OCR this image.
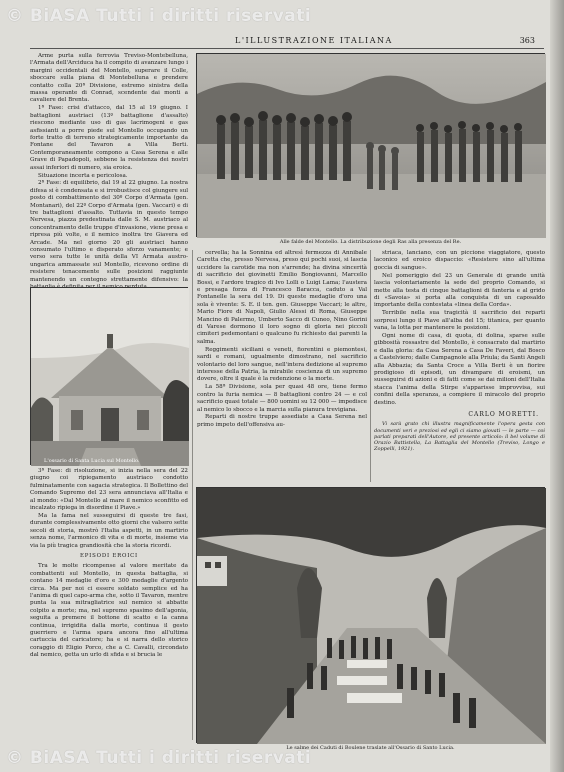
© BiASA Tutti i diritti riservati
© BiASA Tutti i diritti riservati
L'ILLUSTRAZIONE ITALIANA	363
Alle falde del Montello. La distribuzione degli Ras alla presenza del Re.

Arme purta sulla ferrovia Treviso-Montebelluna, l'Armata dell'Arciduca ha il compito di avanzare lungo i margini occidentali del Montello, superare il Colle, sboccare sulla piana di Montebelluna e prendere contatto colla 20ª Divisione, estremo sinistra della massa operante di Conrad, scendente dai monti a cavaliere del Brenta.

1ª Fase: crisi d'attacco, dal 15 al 19 giugno. I battaglioni austriaci (13º battaglione d'assalto) riescono mediante uso di gas lacrimogeni e gas asfissianti a porre piede sul Montello occupando un forte tratto di terreno strategicamente importante da Fontane del Tavaron a Villa Berti. Contemporaneamente compono a Casa Serena e alle Grave di Papadopoli, sebbene la resistenza dei nostri assai inferiori di numero, sia eroica.

Situazione incerta e pericolosa.

2ª Fase: di equilibrio, dal 19 al 22 giugno. La nostra difesa si è condensata e si irrobustisce col giungere sul posto di combattimento del 30º Corpo d'Armata (gen. Montanari), del 22º Corpo d'Armata (gen. Vaccari) e di tre battaglioni d'assalto. Tuttavia in questo tempo Nervesa, piazza predestinata dalle S. M. austriaco al concentramento delle truppe d'invasione, viene presa e ripresa più volte, e il nemico inoltra tre Giavera ed Arcade. Ma nel giorno 20 gli austriaci hanno consumato l'ultimo e disperato sforzo vanamente; e verso sera tutte le unità della VI Armata austro-ungarica ammassate sul Montello, ricevono ordine di resistere tenacemente sulle posizioni raggiunte mantenendo un contegno strettamente difensivo: la

L'ossario di Santa Lucia sul Montello.

3ª Fase: di risoluzione, si inizia nella sera del 22 giugno coi ripiegamento austriaco condotto fulminatamente con sagacia strategica. Il Bollettino del Comando Supremo del 23 sera annunciava all'Italia e al mondo: «Dal Montello al mare il nemico sconfitto ed incalzato ripiega in disordine il Piave.»

Ma la fama nel susseguirsi di queste tre fasi, durante complessivamente otto giorni che valsero sette secoli di storia, mostrò l'Italia aspetti, in un martirio senza nome, l'armonico di vita e di morte, insieme via via la più tragica grandiosità che la storia ricordi.

EPISODI EROICI

Tra le molte ricompense al valore meritate da combattenti sul Montello, in questa battaglia, si contano 14 medaglie d'oro e 300 medaglie d'argento circa. Ma per noi ci essere soldato semplice ed ha l'anima di quel capo-arma che, sotto il Tavaron, mentre punta la sua mitragliatrice sul nemico si abbatte colpito a morte; ma, nel supremo spasimo dell'agonia, seguita a premere il bottone di scatto e la canna continua, irrigidita dalla morte, continua il gesto guerriero e l'arma spara ancora fino all'ultima cartuccia del caricatore; ha e si narra dello storico coraggio di Eligio Porco, che a C. Cavalli, circondato dal nemico, getta un urlo di sfida e si brucia le

cervella; ha la Sonnina ed altresì fermezza di Annibale Caretta che, presso Nervesa, preso qui pochi suoi, si lascia uccidere la carotide ma non s'arrende; ha divina sincerità di sacrificio dei giovinetti Emilio Bongiovanni, Marcello Bossi, e l'ardore tragico di Ivo Lolli o Luigi Lama; l'austera e presaga forza di Francesco Baracca, caduto a Val Fontanelle la sera del 19. Di queste medaglie d'oro una sola è vivente: S. E. il ten. gen. Giuseppe Vaccari; le altre, Mario Fiore di Napoli, Giulio Alessi di Roma, Giuseppe Mancino di Palermo, Umberto Sacco di Cuneo, Nino Gorini di Varese dormono il loro sogno di gloria nei piccoli cimiteri pedemontani o qualcuno fu richiesto dai parenti la salma.

Reggimenti siciliani e veneti, fiorentini e piemontesi, sardi e romani, ugualmente dimostrano, nel sacrificio volontario del loro sangue, nell'intera dedizione al supremo interesse della Patria, la mirabile coscienza di un supremo dovere, oltre il quale è la redenzione o la morte.

La 58ª Divisione, sola per quasi 48 ore, tiene fermo contro la furia nemica — 8 battaglioni contro 24 — e col sacrificio quasi totale — 800 uomini su 12 000 — impedisce al nemico lo sbocco e la marcia sulla pianura trevigiana.

Reparti di nostre truppe assediate a Casa Serena nel primo impeto dell'offensiva au-

striaca, lanciano, con un piccione viaggiatore, questo laconico ed eroico dispaccio: «Resistere sino all'ultima goccia di sangue».

Nel pomeriggio del 23 un Generale di grande unità lascia volontariamente la sede del proprio Comando, si mette alla testa di cinque battaglioni di fanteria e al grido di «Savoia» si porta alla conquista di un caposaldo importante della contestata «linea della Corda».

Terribile nella sua tragicità il sacrificio dei reparti sorpresi lungo il Piave all'alba del 15; titanica, per quanto vana, la lotta per mantenere le posizioni.

Ogni nome di casa, di quota, di dolina, sparse sulle gibbosità rossastre del Montello, è consacrato dal martirio e dalla gloria: da Casa Serena a Casa De Faveri, dal Bosco a Castelviero; dalle Campagnole alla Priula; da Santi Angeli alla Abbazia; da Santa Croce a Villa Berti è un fiorire prodigioso di episodi, un divampare di eroismi, un susseguirsi di azioni e di fatti come se dai milioni dell'Italia stacca l'anima della Stirpe s'apparisse improvvisa, sui confini della speranza, a compiere il miracolo del proprio destino.

CARLO MORETTI.

Vi sarà grato chi illustra magnificamente l'opera gesta con documenti veri e preziosi ed egli ci siamo giovati — le parte — coi parlati preparati dell'Autore, ed presente articolo: il bel volume di Orazio Battistella, La Battaglia del Montello (Treviso, Longo e Zoppelli, 1921).

Le salme dei Caduti di Boulene traslate all'Ossario di Santo Lucia.
